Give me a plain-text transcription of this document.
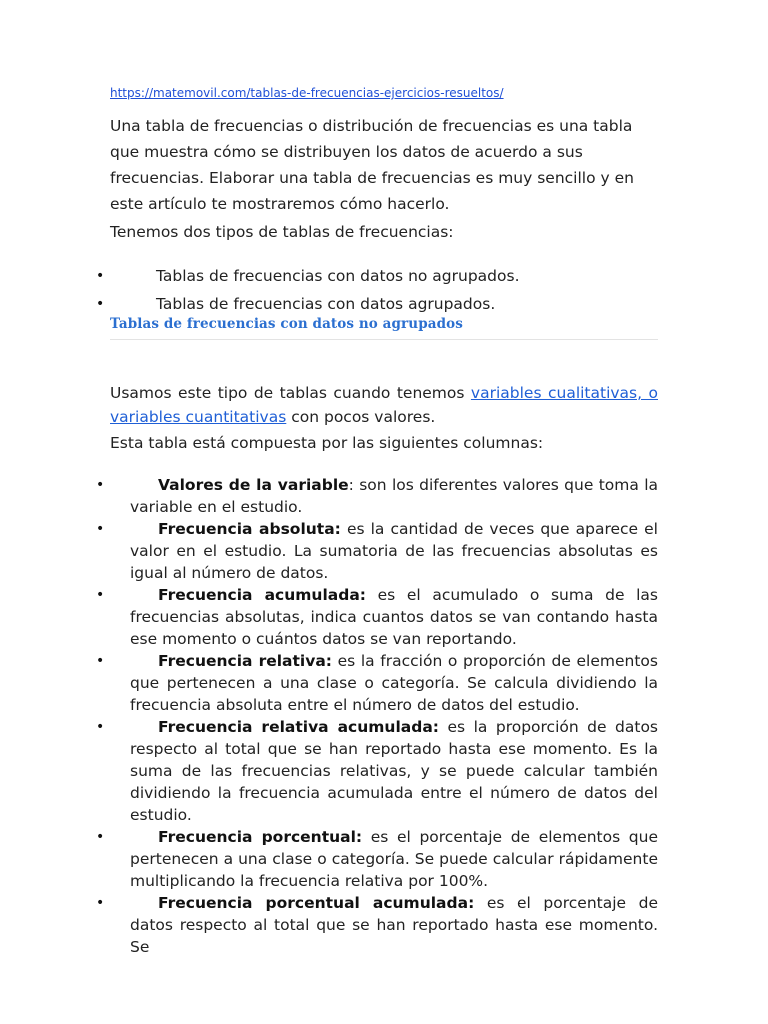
https://matemovil.com/tablas-de-frecuencias-ejercicios-resueltos/

Una tabla de frecuencias o distribución de frecuencias es una tabla que muestra cómo se distribuyen los datos de acuerdo a sus frecuencias. Elaborar una tabla de frecuencias es muy sencillo y en este artículo te mostraremos cómo hacerlo.

Tenemos dos tipos de tablas de frecuencias:

•	Tablas de frecuencias con datos no agrupados.
•	Tablas de frecuencias con datos agrupados.
Tablas de frecuencias con datos no agrupados

Usamos este tipo de tablas cuando tenemos variables cualitativas, o variables cuantitativas con pocos valores.

Esta tabla está compuesta por las siguientes columnas:

•	Valores de la variable: son los diferentes valores que toma la variable en el estudio.
•	Frecuencia absoluta: es la cantidad de veces que aparece el valor en el estudio. La sumatoria de las frecuencias absolutas es igual al número de datos.
•	Frecuencia acumulada: es el acumulado o suma de las frecuencias absolutas, indica cuantos datos se van contando hasta ese momento o cuántos datos se van reportando.
•	Frecuencia relativa: es la fracción o proporción de elementos que pertenecen a una clase o categoría. Se calcula dividiendo la frecuencia absoluta entre el número de datos del estudio.
•	Frecuencia relativa acumulada: es la proporción de datos respecto al total que se han reportado hasta ese momento. Es la suma de las frecuencias relativas, y se puede calcular también dividiendo la frecuencia acumulada entre el número de datos del estudio.
•	Frecuencia porcentual: es el porcentaje de elementos que pertenecen a una clase o categoría. Se puede calcular rápidamente multiplicando la frecuencia relativa por 100%.
•	Frecuencia porcentual acumulada: es el porcentaje de datos respecto al total que se han reportado hasta ese momento. Se
